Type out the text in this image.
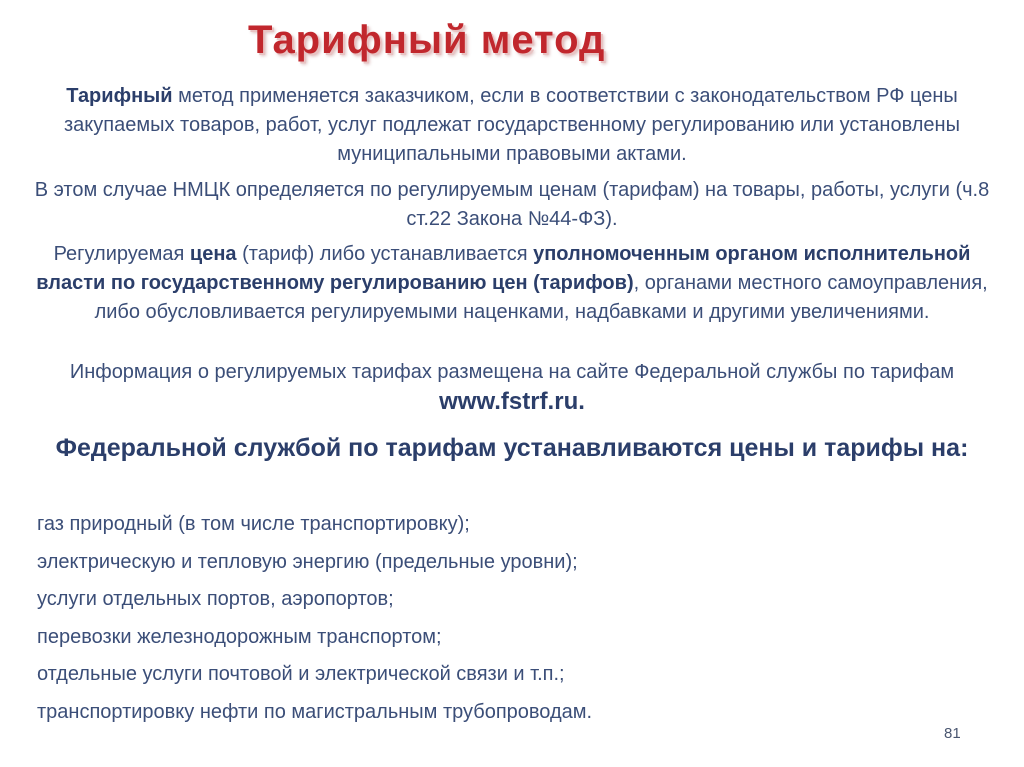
Тарифный метод
Тарифный метод применяется заказчиком, если в соответствии с законодательством РФ цены закупаемых товаров, работ, услуг подлежат государственному регулированию или установлены муниципальными правовыми актами.
В этом случае НМЦК определяется по регулируемым ценам (тарифам) на товары, работы, услуги (ч.8 ст.22 Закона №44-ФЗ).
Регулируемая цена (тариф) либо устанавливается уполномоченным органом исполнительной власти по государственному регулированию цен (тарифов), органами местного самоуправления, либо обусловливается регулируемыми наценками, надбавками и другими увеличениями.
Информация о регулируемых тарифах размещена на сайте Федеральной службы по тарифам www.fstrf.ru.
Федеральной службой по тарифам устанавливаются цены и тарифы на:
газ природный (в том числе транспортировку);
электрическую и тепловую энергию (предельные уровни);
услуги отдельных портов, аэропортов;
перевозки железнодорожным транспортом;
отдельные услуги почтовой и электрической связи и т.п.;
транспортировку нефти по магистральным трубопроводам.
81
